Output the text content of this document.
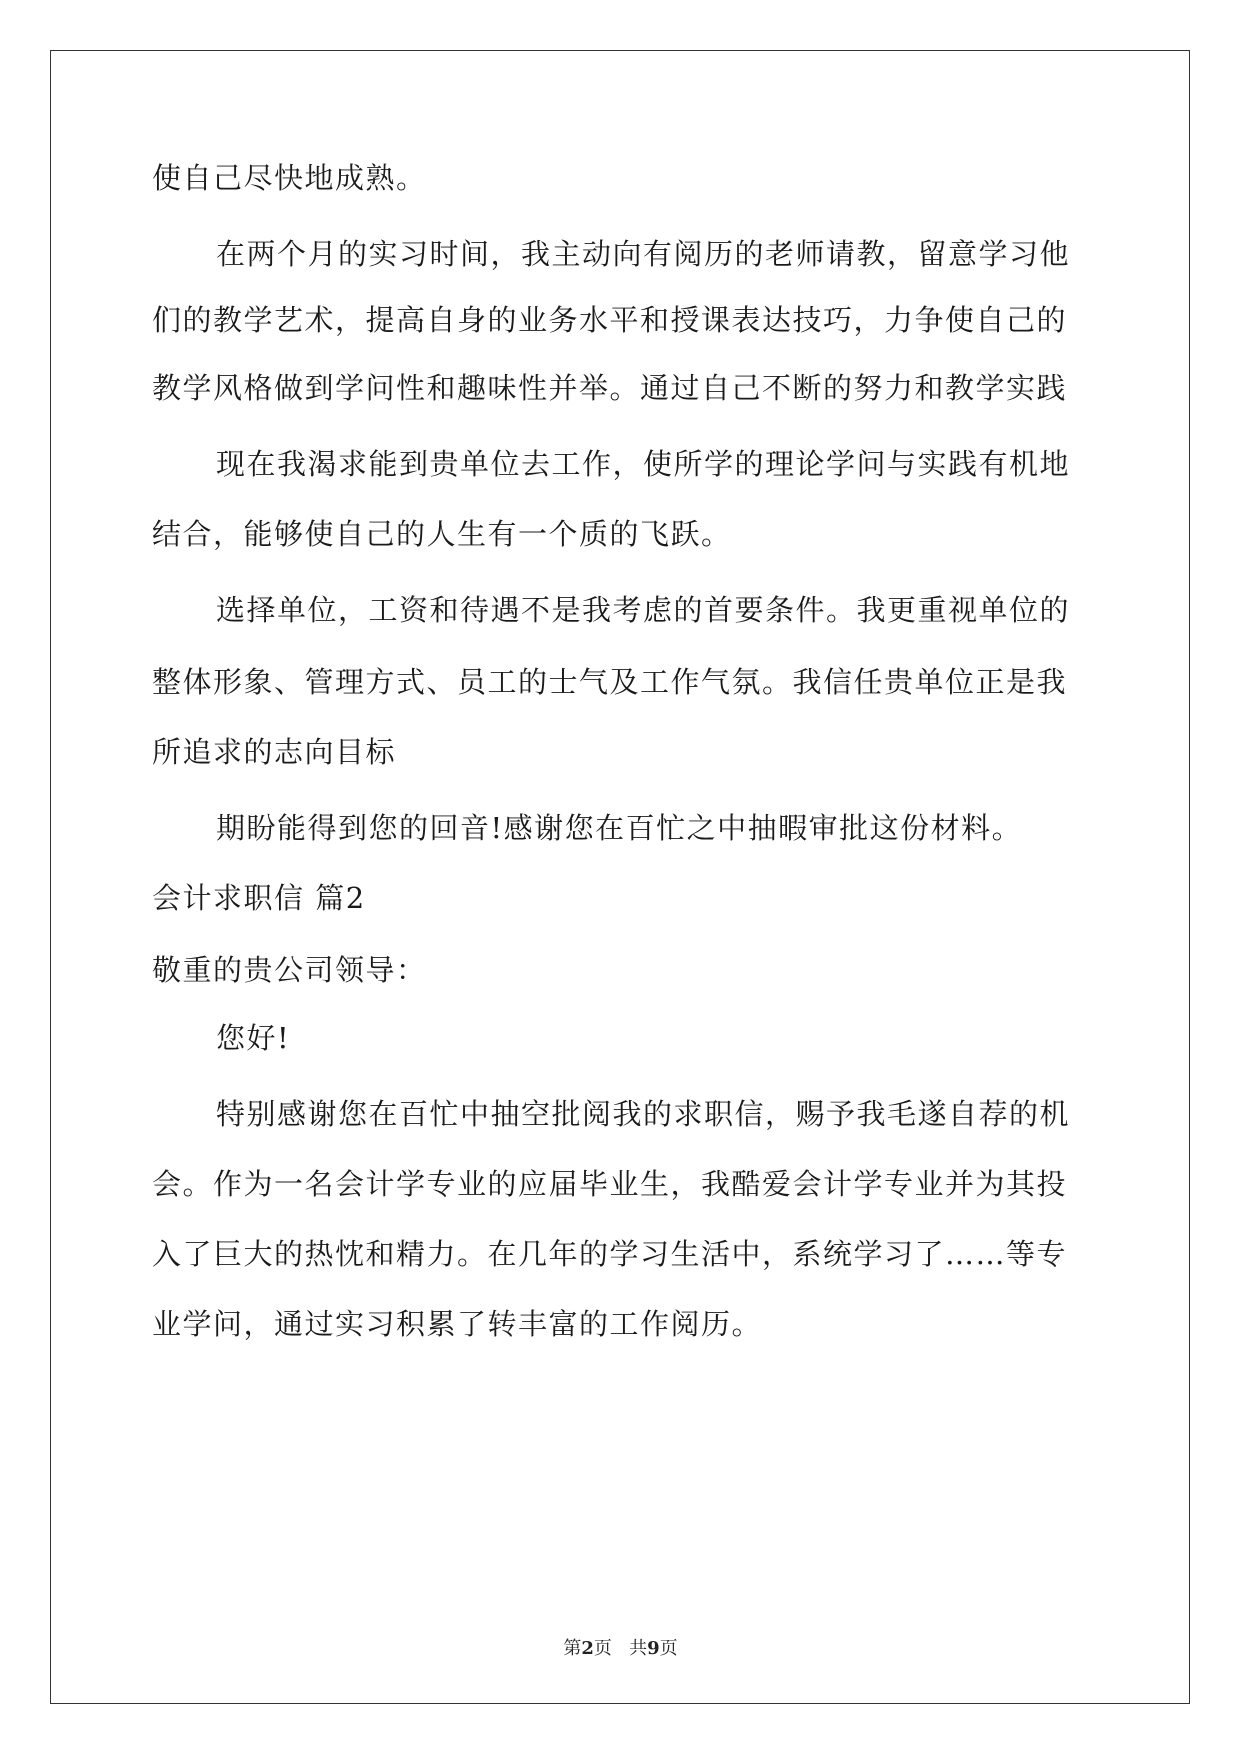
使自己尽快地成熟。
在两个月的实习时间，我主动向有阅历的老师请教，留意学习他
们的教学艺术，提高自身的业务水平和授课表达技巧，力争使自己的
教学风格做到学问性和趣味性并举。通过自己不断的努力和教学实践
现在我渴求能到贵单位去工作，使所学的理论学问与实践有机地
结合，能够使自己的人生有一个质的飞跃。
选择单位，工资和待遇不是我考虑的首要条件。我更重视单位的
整体形象、管理方式、员工的士气及工作气氛。我信任贵单位正是我
所追求的志向目标
期盼能得到您的回音!感谢您在百忙之中抽暇审批这份材料。
会计求职信 篇2
敬重的贵公司领导：
您好!
特别感谢您在百忙中抽空批阅我的求职信，赐予我毛遂自荐的机
会。作为一名会计学专业的应届毕业生，我酷爱会计学专业并为其投
入了巨大的热忱和精力。在几年的学习生活中，系统学习了……等专
业学问，通过实习积累了转丰富的工作阅历。
第2页 共9页
